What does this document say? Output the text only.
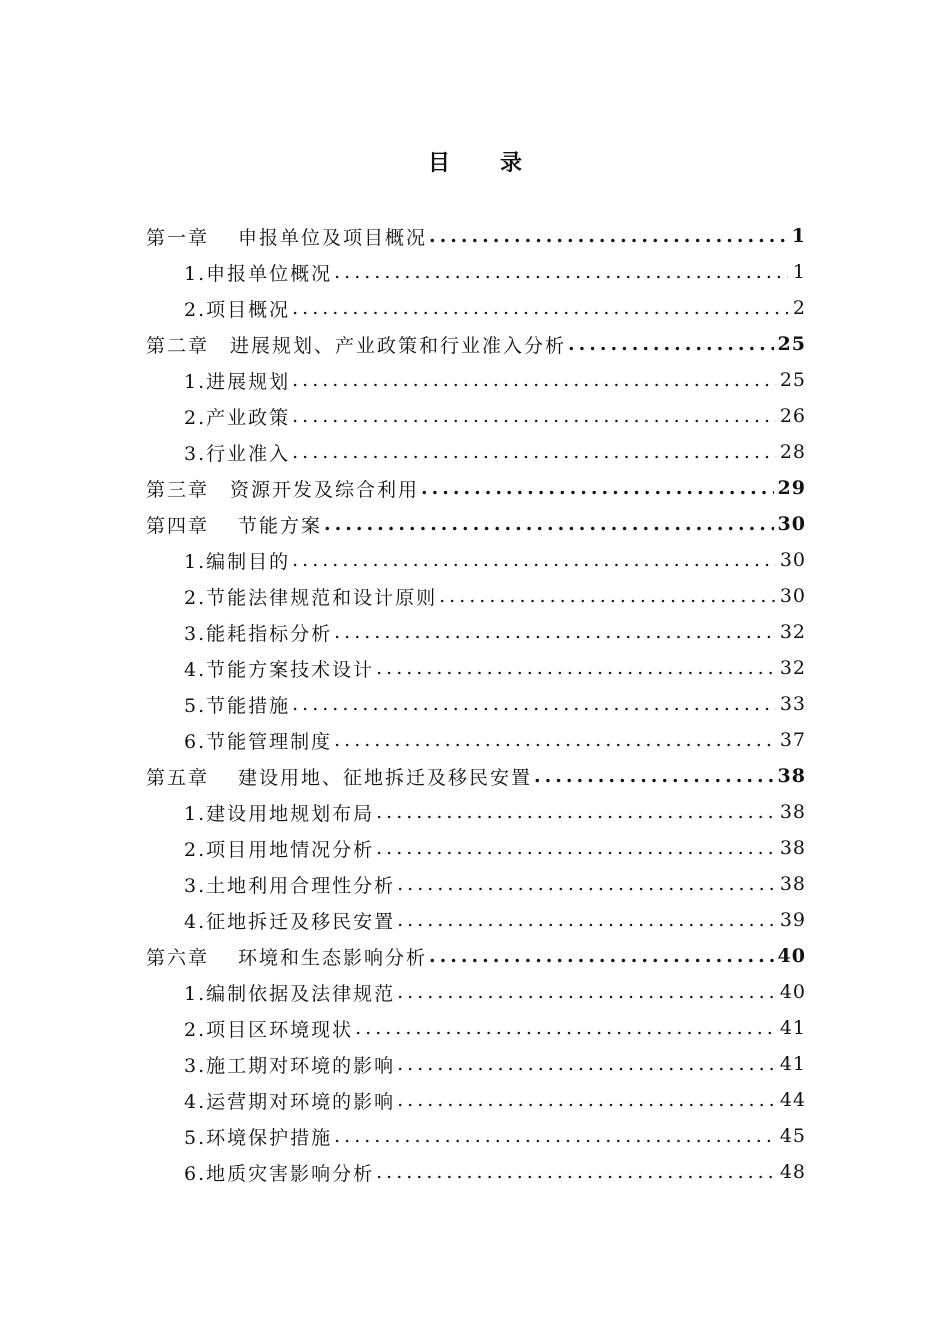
目 录
第一章　 申报单位及项目概况 .....	1
1.申报单位概况 .....	1
2.项目概况 .....	2
第二章　进展规划、产业政策和行业准入分析 .....	25
1.进展规划 .....	25
2.产业政策 .....	26
3.行业准入 .....	28
第三章　资源开发及综合利用 .....	29
第四章　 节能方案 .....	30
1.编制目的 .....	30
2.节能法律规范和设计原则 .....	30
3.能耗指标分析 .....	32
4.节能方案技术设计 .....	32
5.节能措施 .....	33
6.节能管理制度 .....	37
第五章　 建设用地、征地拆迁及移民安置 .....	38
1.建设用地规划布局 .....	38
2.项目用地情况分析 .....	38
3.土地利用合理性分析 .....	38
4.征地拆迁及移民安置 .....	39
第六章　 环境和生态影响分析 .....	40
1.编制依据及法律规范 .....	40
2.项目区环境现状 .....	41
3.施工期对环境的影响 .....	41
4.运营期对环境的影响 .....	44
5.环境保护措施 .....	45
6.地质灾害影响分析 .....	48
